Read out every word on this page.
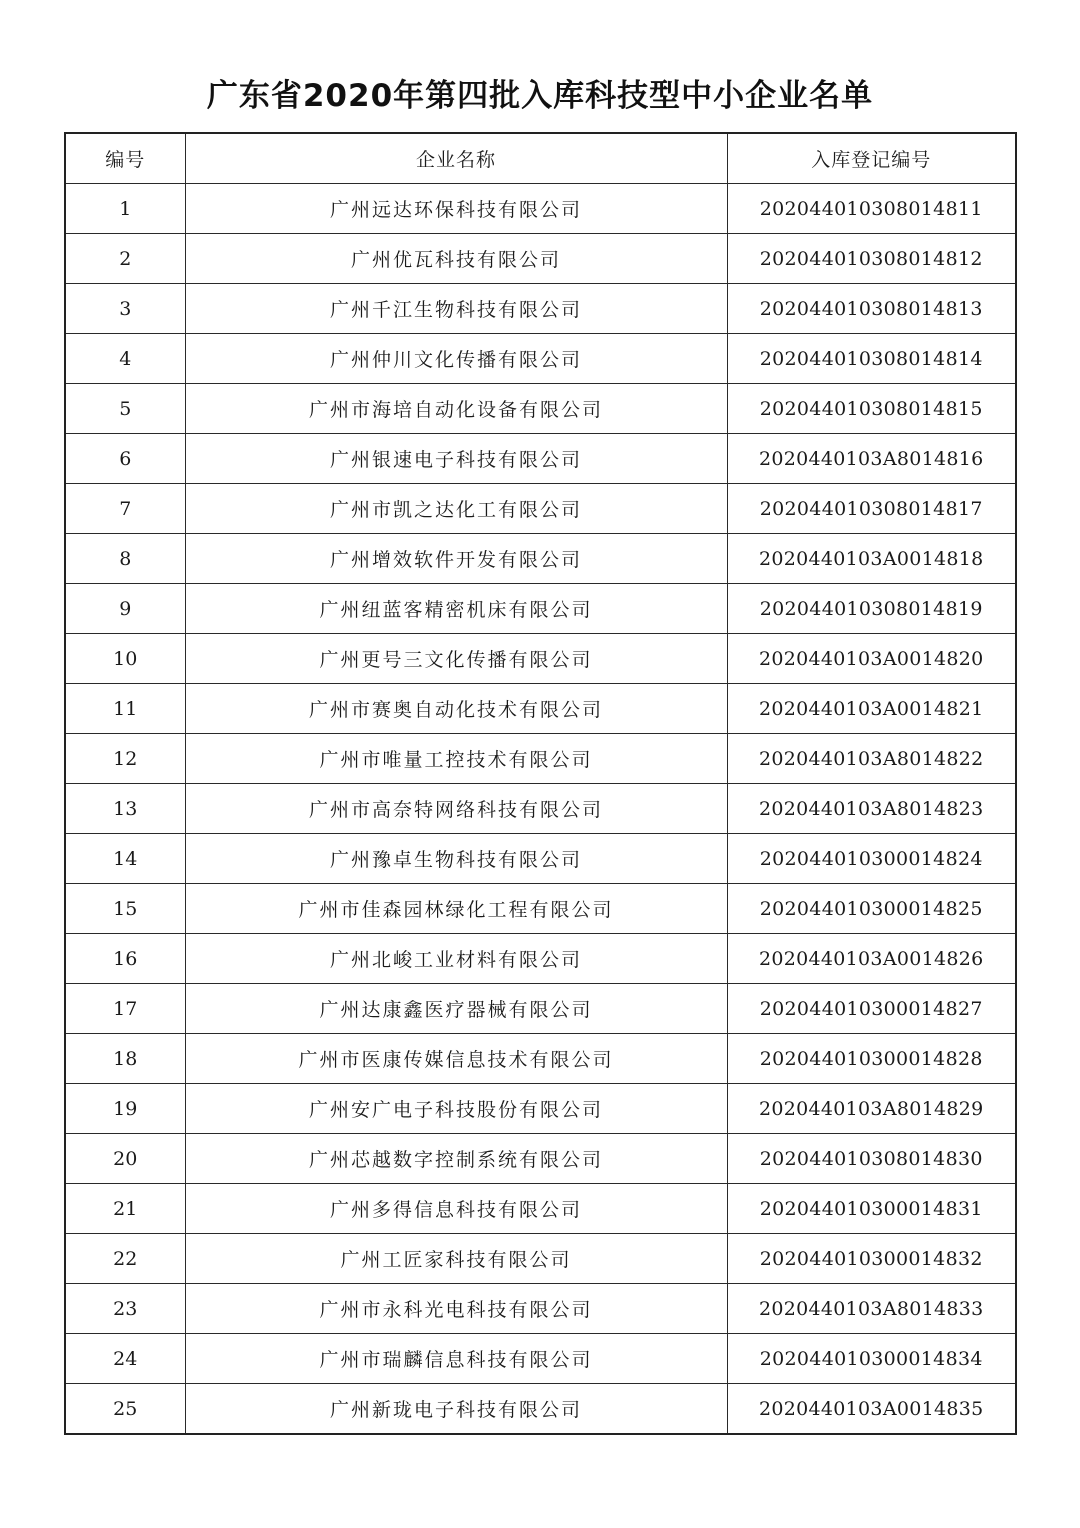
广东省2020年第四批入库科技型中小企业名单
编号	企业名称	入库登记编号
1	广州远达环保科技有限公司	202044010308014811
2	广州优瓦科技有限公司	202044010308014812
3	广州千江生物科技有限公司	202044010308014813
4	广州仲川文化传播有限公司	202044010308014814
5	广州市海培自动化设备有限公司	202044010308014815
6	广州银速电子科技有限公司	2020440103A8014816
7	广州市凯之达化工有限公司	202044010308014817
8	广州增效软件开发有限公司	2020440103A0014818
9	广州纽蓝客精密机床有限公司	202044010308014819
10	广州更号三文化传播有限公司	2020440103A0014820
11	广州市赛奥自动化技术有限公司	2020440103A0014821
12	广州市唯量工控技术有限公司	2020440103A8014822
13	广州市高奈特网络科技有限公司	2020440103A8014823
14	广州豫卓生物科技有限公司	202044010300014824
15	广州市佳森园林绿化工程有限公司	202044010300014825
16	广州北峻工业材料有限公司	2020440103A0014826
17	广州达康鑫医疗器械有限公司	202044010300014827
18	广州市医康传媒信息技术有限公司	202044010300014828
19	广州安广电子科技股份有限公司	2020440103A8014829
20	广州芯越数字控制系统有限公司	202044010308014830
21	广州多得信息科技有限公司	202044010300014831
22	广州工匠家科技有限公司	202044010300014832
23	广州市永科光电科技有限公司	2020440103A8014833
24	广州市瑞麟信息科技有限公司	202044010300014834
25	广州新珑电子科技有限公司	2020440103A0014835
